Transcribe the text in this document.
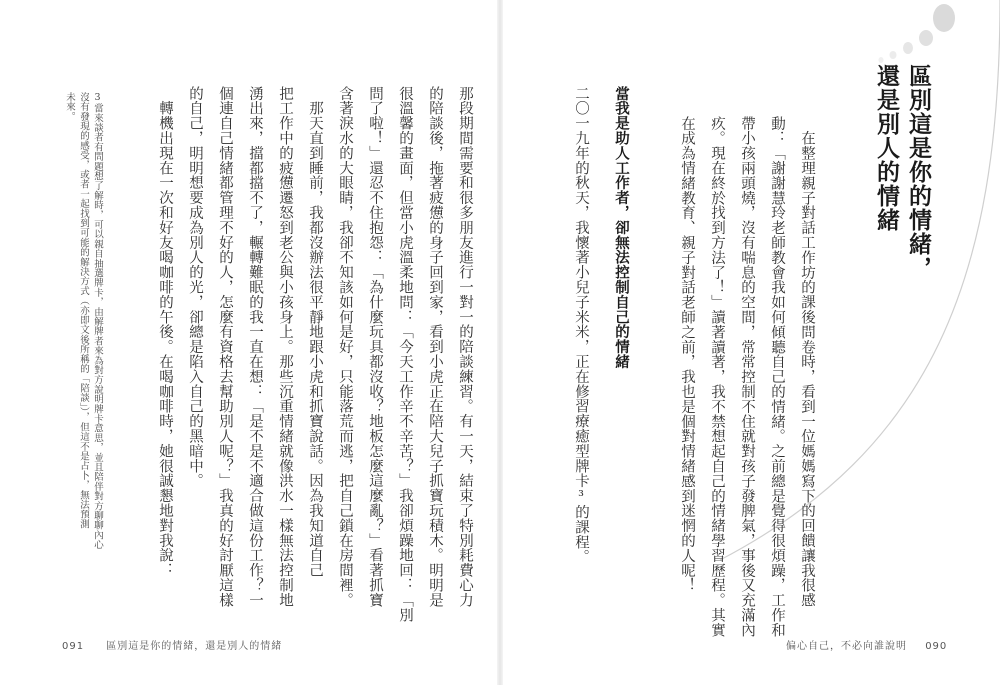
區別這是你的情緒，
還是別人的情緒
　在整理親子對話工作坊的課後問卷時，看到一位媽媽寫下的回饋讓我很感
動：「謝謝慧玲老師教會我如何傾聽自己的情緒。之前總是覺得很煩躁，工作和
帶小孩兩頭燒，沒有喘息的空間，常常控制不住就對孩子發脾氣，事後又充滿內
疚。現在終於找到方法了！」讀著讀著，我不禁想起自己的情緒學習歷程。其實
在成為情緒教育、親子對話老師之前，我也是個對情緒感到迷惘的人呢！
當我是助人工作者，卻無法控制自己的情緒
二〇一九年的秋天，我懷著小兒子米米，正在修習療癒型牌卡³的課程。
偏心自己，不必向誰說明 090
那段期間需要和很多朋友進行一對一的陪談練習。有一天，結束了特別耗費心力
的陪談後，拖著疲憊的身子回到家，看到小虎正在陪大兒子抓寶玩積木。明明是
很溫馨的畫面，但當小虎溫柔地問：「今天工作辛不辛苦？」我卻煩躁地回：「別
問了啦！」還忍不住抱怨：「為什麼玩具都沒收？地板怎麼這麼亂？」看著抓寶
含著淚水的大眼睛，我卻不知該如何是好，只能落荒而逃，把自己鎖在房間裡。
　那天直到睡前，我都沒辦法很平靜地跟小虎和抓寶說話。因為我知道自己
把工作中的疲憊遷怒到老公與小孩身上。那些沉重情緒就像洪水一樣無法控制地
湧出來，擋都擋不了，輾轉難眠的我一直在想：「是不是不適合做這份工作？一
個連自己情緒都管理不好的人，怎麼有資格去幫助別人呢？」我真的好討厭這樣
的自己，明明想要成為別人的光，卻總是陷入自己的黑暗中。
　轉機出現在一次和好友喝咖啡的午後。在喝咖啡時，她很誠懇地對我說：
3當來談者有問題想了解時，可以親自抽選牌卡，由解牌者來為對方說明牌卡意思，並且陪伴對方聊聊內心
沒有發現的感受，或者一起找到可能的解決方式（亦即文後所稱的「陪談」），但這不是占卜，無法預測
未來。
091 區別這是你的情緒，還是別人的情緒
